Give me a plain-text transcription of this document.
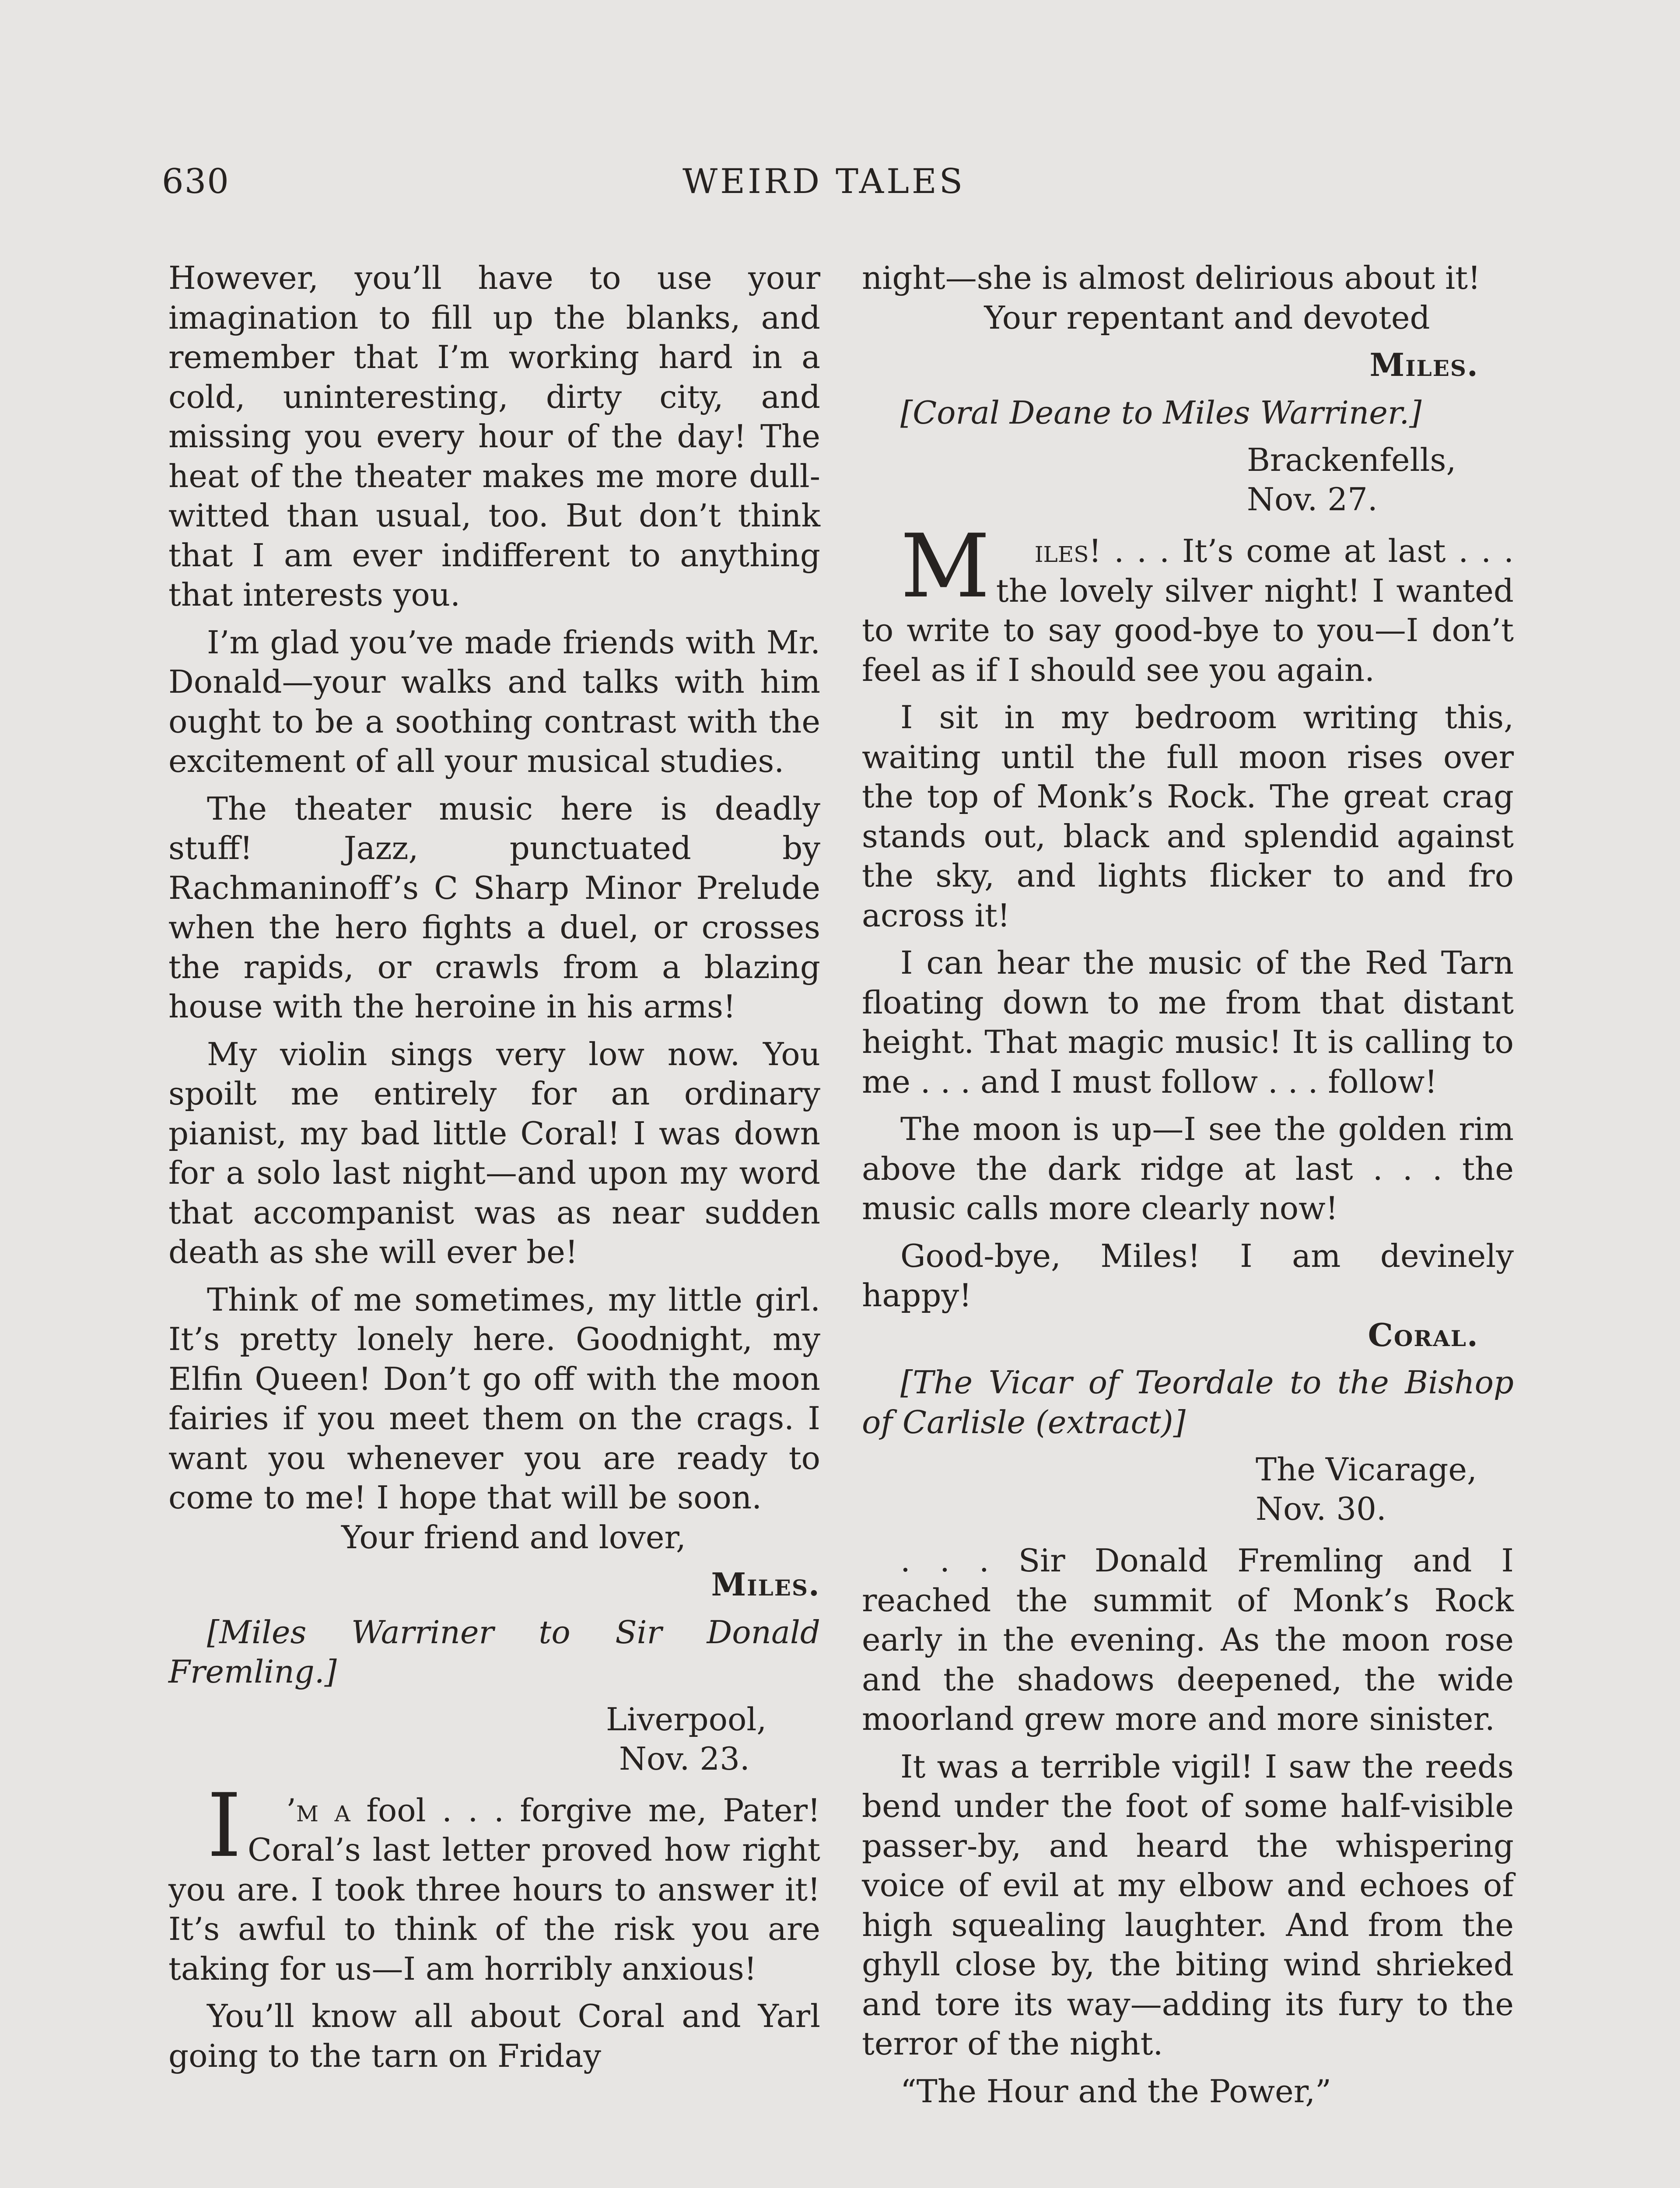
630	WEIRD TALES

However, you’ll have to use your imagination to fill up the blanks, and remember that I’m working hard in a cold, uninteresting, dirty city, and missing you every hour of the day! The heat of the theater makes me more dull-witted than usual, too. But don’t think that I am ever indifferent to anything that interests you.

I’m glad you’ve made friends with Mr. Donald—your walks and talks with him ought to be a soothing contrast with the excitement of all your musical studies.

The theater music here is deadly stuff! Jazz, punctuated by Rachmaninoff’s C Sharp Minor Prelude when the hero fights a duel, or crosses the rapids, or crawls from a blazing house with the heroine in his arms!

My violin sings very low now. You spoilt me entirely for an ordinary pianist, my bad little Coral! I was down for a solo last night—and upon my word that accompanist was as near sudden death as she will ever be!

Think of me sometimes, my little girl. It’s pretty lonely here. Goodnight, my Elfin Queen! Don’t go off with the moon fairies if you meet them on the crags. I want you whenever you are ready to come to me! I hope that will be soon.

Your friend and lover,

Miles.

[Miles Warriner to Sir Donald Fremling.]

Liverpool,
Nov. 23.

I ’m a fool . . . forgive me, Pater! Coral’s last letter proved how right you are. I took three hours to answer it! It’s awful to think of the risk you are taking for us—I am horribly anxious!

You’ll know all about Coral and Yarl going to the tarn on Friday

night—she is almost delirious about it!

Your repentant and devoted

Miles.

[Coral Deane to Miles Warriner.]

Brackenfells,
Nov. 27.

M iles! . . . It’s come at last . . . the lovely silver night! I wanted to write to say good-bye to you—I don’t feel as if I should see you again.

I sit in my bedroom writing this, waiting until the full moon rises over the top of Monk’s Rock. The great crag stands out, black and splendid against the sky, and lights flicker to and fro across it!

I can hear the music of the Red Tarn floating down to me from that distant height. That magic music! It is calling to me . . . and I must follow . . . follow!

The moon is up—I see the golden rim above the dark ridge at last . . . the music calls more clearly now!

Good-bye, Miles! I am devinely happy!

Coral.

[The Vicar of Teordale to the Bishop of Carlisle (extract)]

The Vicarage,
Nov. 30.

. . . Sir Donald Fremling and I reached the summit of Monk’s Rock early in the evening. As the moon rose and the shadows deepened, the wide moorland grew more and more sinister.

It was a terrible vigil! I saw the reeds bend under the foot of some half-visible passer-by, and heard the whispering voice of evil at my elbow and echoes of high squealing laughter. And from the ghyll close by, the biting wind shrieked and tore its way—adding its fury to the terror of the night.

“The Hour and the Power,”
